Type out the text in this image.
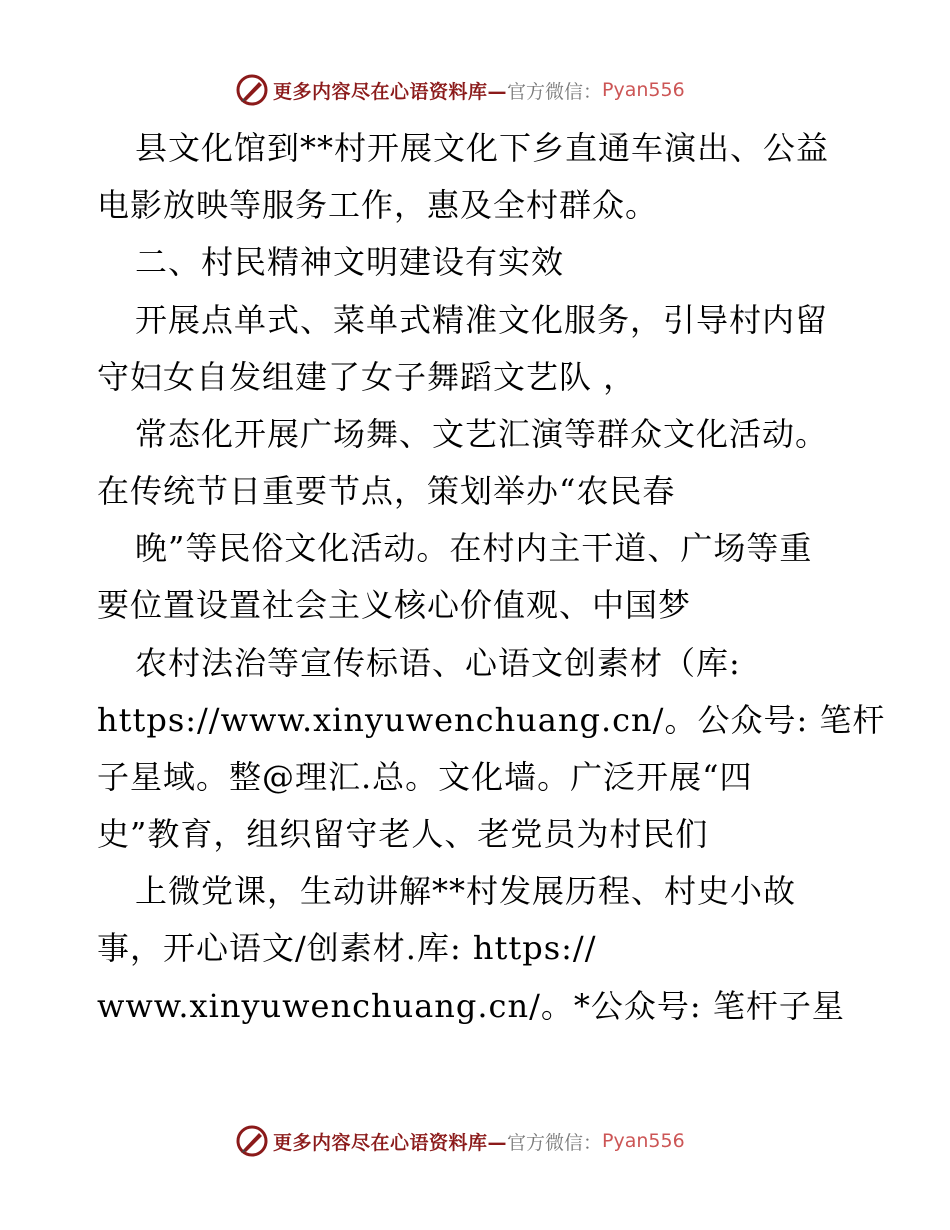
更多内容尽在心语资料库— 官方微信： Pyan556
县文化馆到**村开展文化下乡直通车演出、公益
电影放映等服务工作，惠及全村群众。
二、村民精神文明建设有实效
开展点单式、菜单式精准文化服务，引导村内留
守妇女自发组建了女子舞蹈文艺队 ，
常态化开展广场舞、文艺汇演等群众文化活动。
在传统节日重要节点，策划举办“农民春
晚”等民俗文化活动。在村内主干道、广场等重
要位置设置社会主义核心价值观、中国梦
农村法治等宣传标语、心语文创素材（库:
https://www.xinyuwenchuang.cn/。公众号: 笔杆
子星域。整@理汇.总。文化墙。广泛开展“四
史”教育，组织留守老人、老党员为村民们
上微党课，生动讲解**村发展历程、村史小故
事，开心语文/创素材.库: https://
www.xinyuwenchuang.cn/。*公众号: 笔杆子星
更多内容尽在心语资料库— 官方微信： Pyan556
